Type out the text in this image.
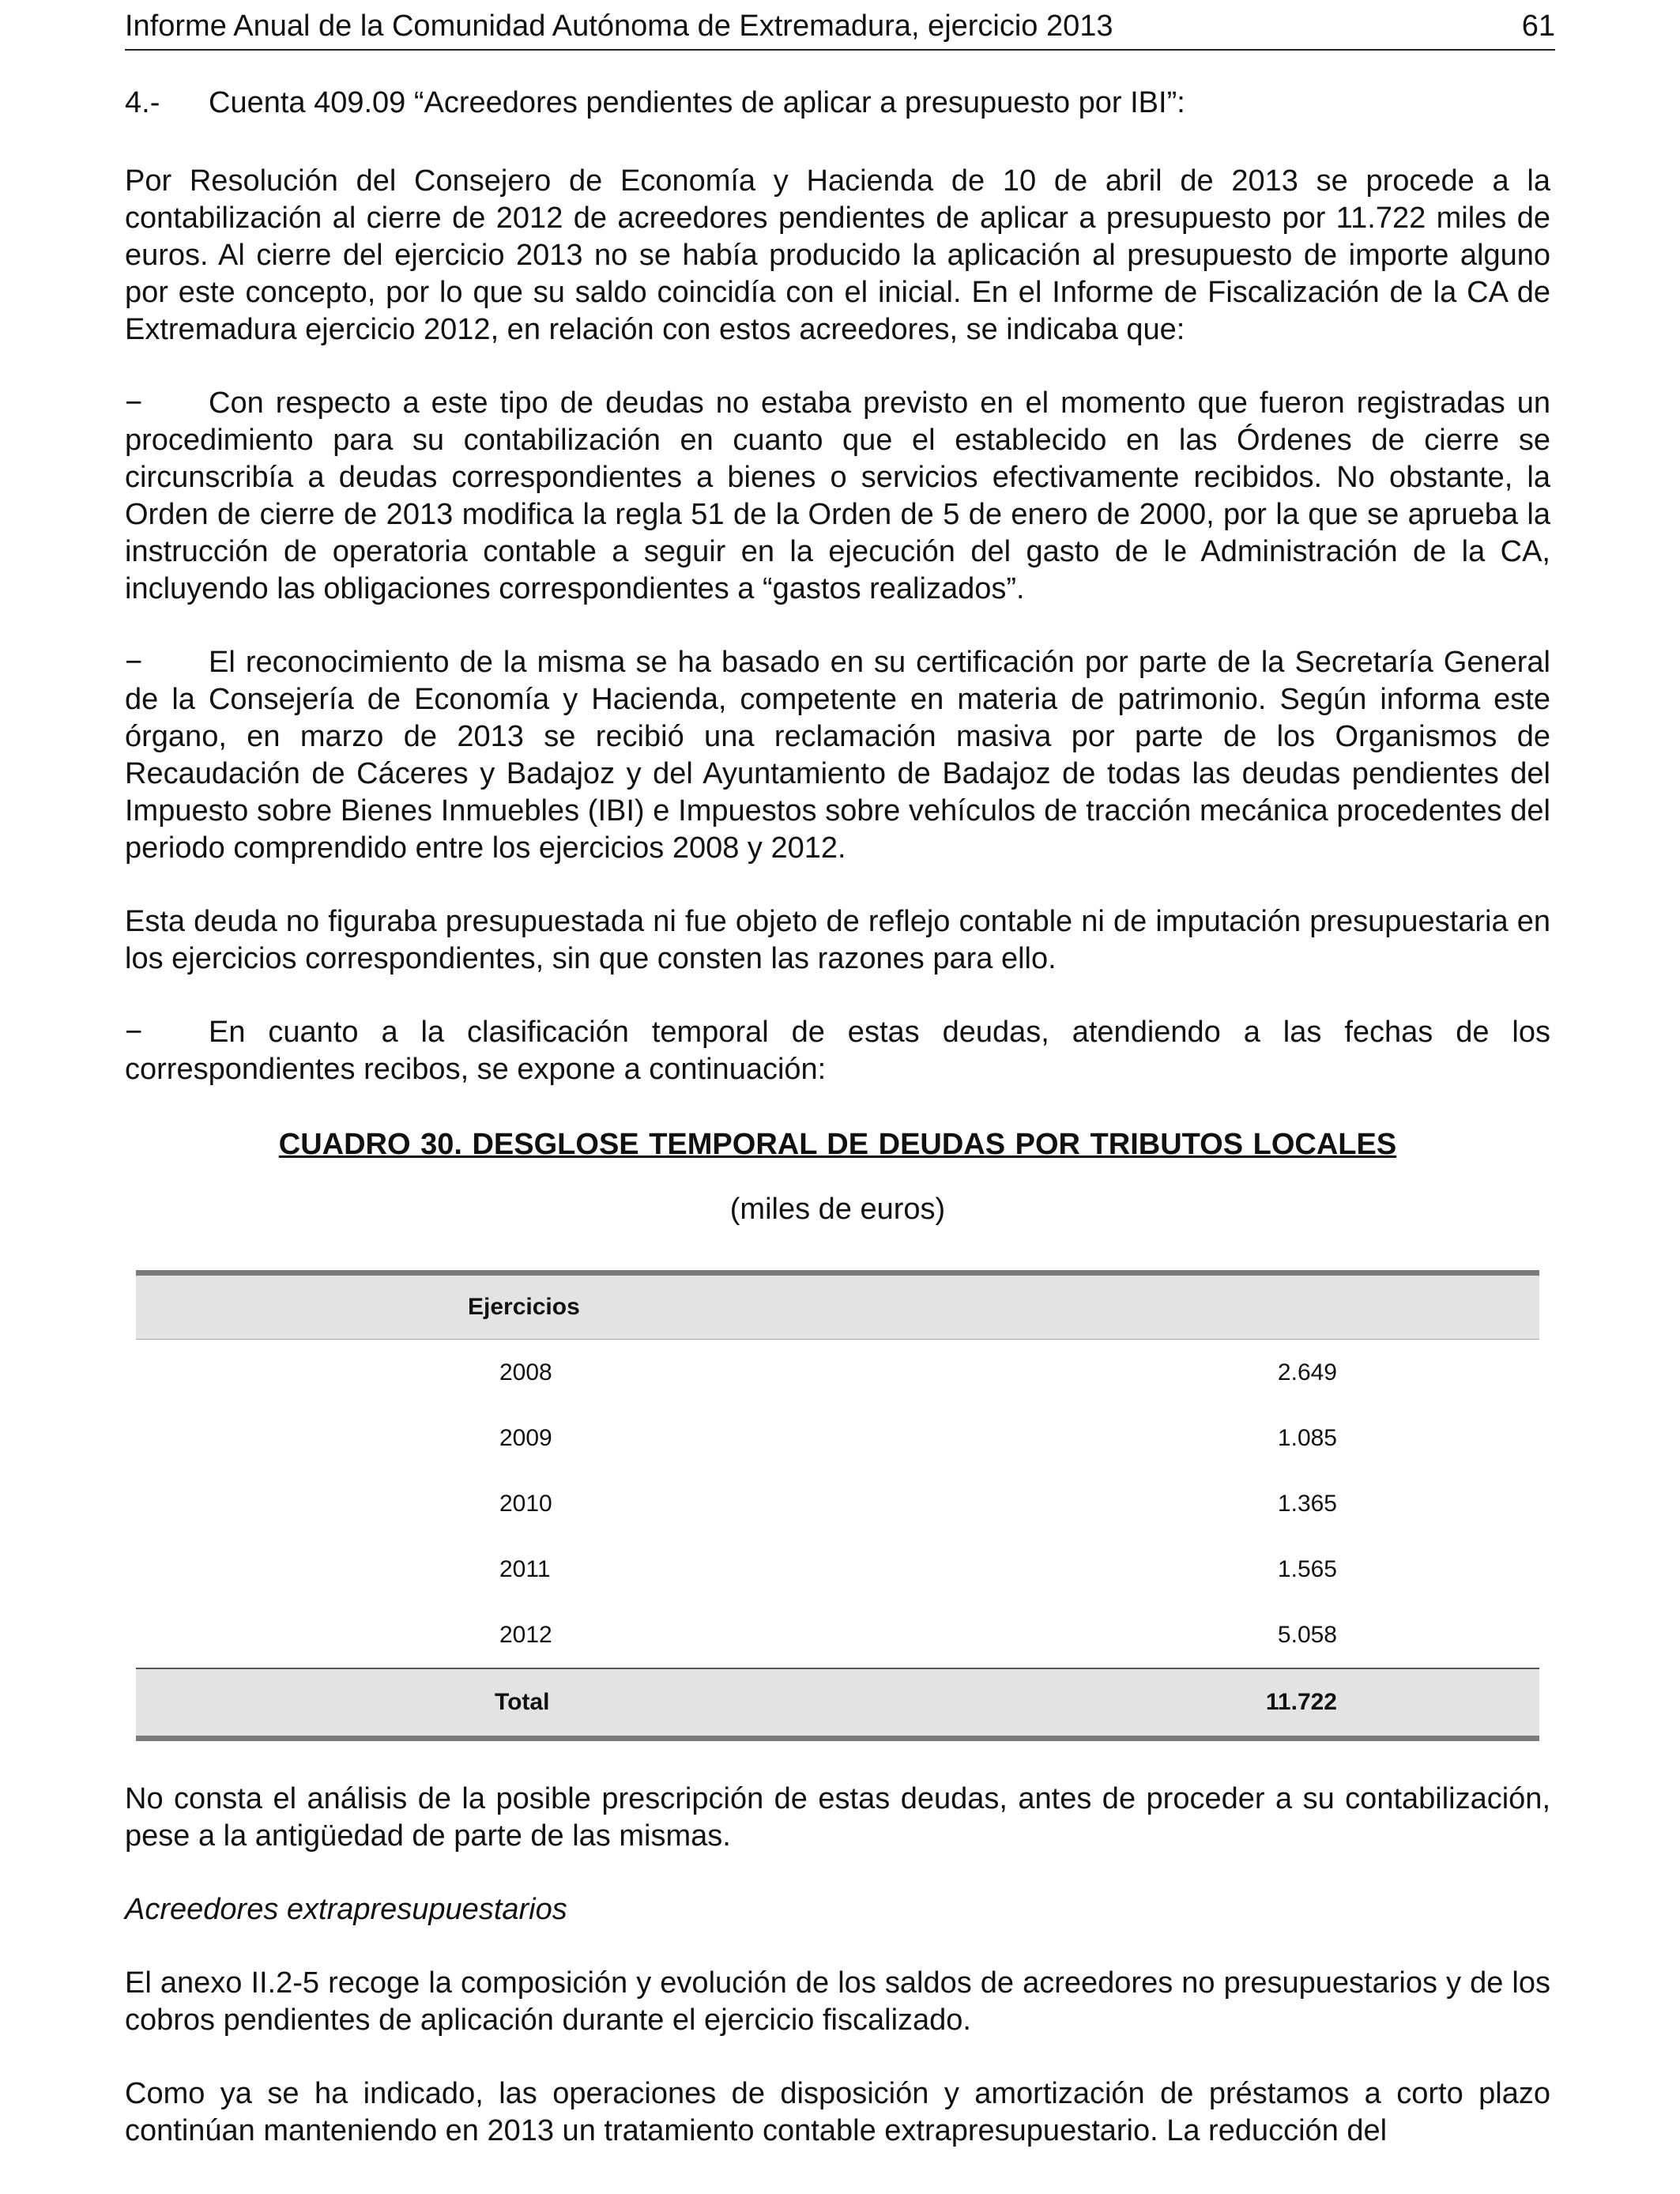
Informe Anual de la Comunidad Autónoma de Extremadura, ejercicio 2013	61
4.-	Cuenta 409.09 “Acreedores pendientes de aplicar a presupuesto por IBI”:

Por Resolución del Consejero de Economía y Hacienda de 10 de abril de 2013 se procede a la contabilización al cierre de 2012 de acreedores pendientes de aplicar a presupuesto por 11.722 miles de euros. Al cierre del ejercicio 2013 no se había producido la aplicación al presupuesto de importe alguno por este concepto, por lo que su saldo coincidía con el inicial. En el Informe de Fiscalización de la CA de Extremadura ejercicio 2012, en relación con estos acreedores, se indicaba que:

− Con respecto a este tipo de deudas no estaba previsto en el momento que fueron registradas un procedimiento para su contabilización en cuanto que el establecido en las Órdenes de cierre se circunscribía a deudas correspondientes a bienes o servicios efectivamente recibidos. No obstante, la Orden de cierre de 2013 modifica la regla 51 de la Orden de 5 de enero de 2000, por la que se aprueba la instrucción de operatoria contable a seguir en la ejecución del gasto de le Administración de la CA, incluyendo las obligaciones correspondientes a “gastos realizados”.

− El reconocimiento de la misma se ha basado en su certificación por parte de la Secretaría General de la Consejería de Economía y Hacienda, competente en materia de patrimonio. Según informa este órgano, en marzo de 2013 se recibió una reclamación masiva por parte de los Organismos de Recaudación de Cáceres y Badajoz y del Ayuntamiento de Badajoz de todas las deudas pendientes del Impuesto sobre Bienes Inmuebles (IBI) e Impuestos sobre vehículos de tracción mecánica procedentes del periodo comprendido entre los ejercicios 2008 y 2012.

Esta deuda no figuraba presupuestada ni fue objeto de reflejo contable ni de imputación presupuestaria en los ejercicios correspondientes, sin que consten las razones para ello.

− En cuanto a la clasificación temporal de estas deudas, atendiendo a las fechas de los correspondientes recibos, se expone a continuación:

CUADRO 30. DESGLOSE TEMPORAL DE DEUDAS POR TRIBUTOS LOCALES
(miles de euros)
Ejercicios	
2008	2.649
2009	1.085
2010	1.365
2011	1.565
2012	5.058
Total	11.722

No consta el análisis de la posible prescripción de estas deudas, antes de proceder a su contabilización, pese a la antigüedad de parte de las mismas.

Acreedores extrapresupuestarios

El anexo II.2-5 recoge la composición y evolución de los saldos de acreedores no presupuestarios y de los cobros pendientes de aplicación durante el ejercicio fiscalizado.

Como ya se ha indicado, las operaciones de disposición y amortización de préstamos a corto plazo continúan manteniendo en 2013 un tratamiento contable extrapresupuestario. La reducción del
